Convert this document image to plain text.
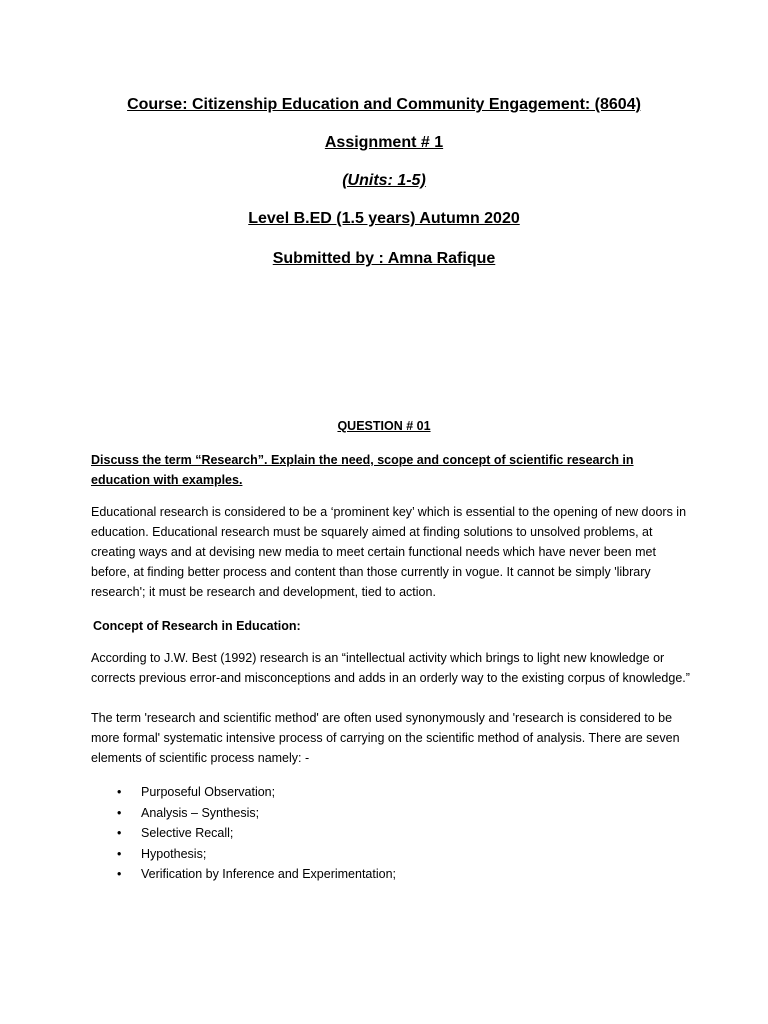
Course: Citizenship Education and Community Engagement: (8604)

Assignment # 1

(Units: 1-5)

Level B.ED (1.5 years) Autumn 2020

Submitted by : Amna Rafique

QUESTION # 01

Discuss the term “Research”. Explain the need, scope and concept of scientific research in education with examples.

Educational research is considered to be a ‘prominent key’ which is essential to the opening of new doors in education. Educational research must be squarely aimed at finding solutions to unsolved problems, at creating ways and at devising new media to meet certain functional needs which have never been met before, at finding better process and content than those currently in vogue. It cannot be simply 'library research'; it must be research and development, tied to action.

Concept of Research in Education:

According to J.W. Best (1992) research is an “intellectual activity which brings to light new knowledge or corrects previous error-and misconceptions and adds in an orderly way to the existing corpus of knowledge.”

The term 'research and scientific method' are often used synonymously and 'research is considered to be more formal' systematic intensive process of carrying on the scientific method of analysis. There are seven elements of scientific process namely: -

• Purposeful Observation;
• Analysis – Synthesis;
• Selective Recall;
• Hypothesis;
• Verification by Inference and Experimentation;
